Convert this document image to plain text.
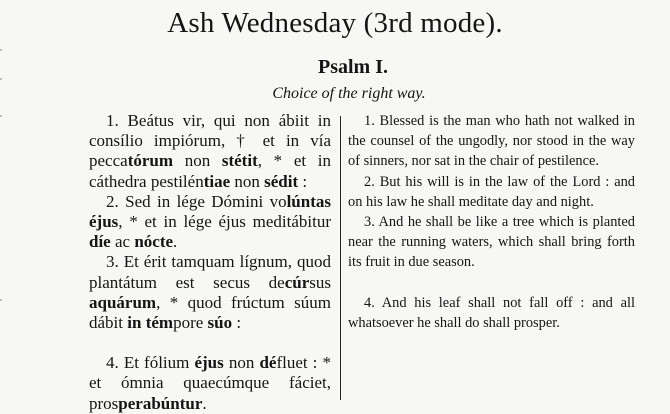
Ash Wednesday (3rd mode).
Psalm I.
Choice of the right way.

1. Beátus vir, qui non ábiit in consílio impiórum, † et in vía peccatórum non stétit, * et in cáthedra pestiléntiae non sédit :

2. Sed in lége Dómini volúntas éjus, * et in lége éjus meditábitur díe ac nócte.

3. Et érit tamquam lígnum, quod plantátum est secus decúrsus aquárum, * quod frúctum súum dábit in témpore súo :

4. Et fólium éjus non défluet : * et ómnia quaecúmque fáciet, prosperabúntur.

1. Blessed is the man who hath not walked in the counsel of the ungodly, nor stood in the way of sinners, nor sat in the chair of pestilence.

2. But his will is in the law of the Lord : and on his law he shall meditate day and night.

3. And he shall be like a tree which is planted near the running waters, which shall bring forth its fruit in due season.

4. And his leaf shall not fall off : and all whatsoever he shall do shall prosper.
